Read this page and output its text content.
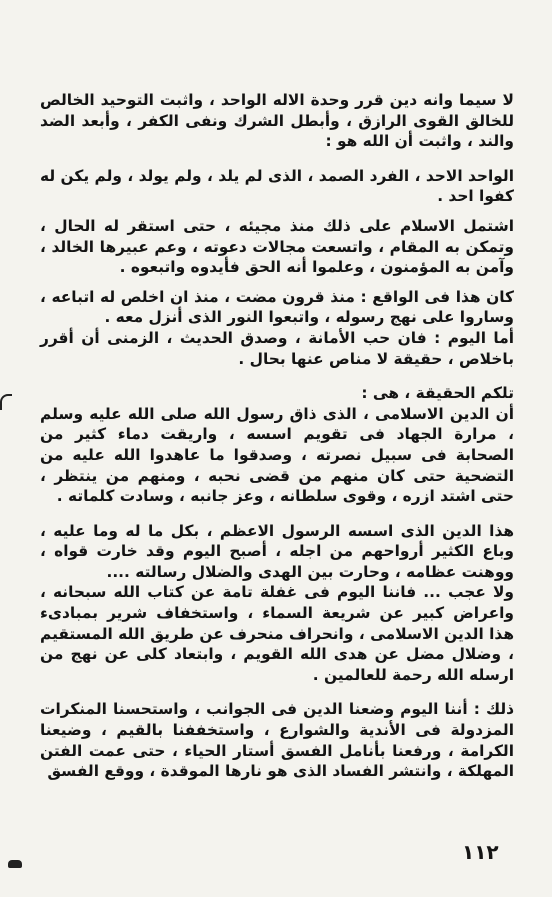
لا سيما وانه دين قرر وحدة الاله الواحد ، واثبت التوحيد الخالص للخالق القوى الرازق ، وأبطل الشرك ونفى الكفر ، وأبعد الضد والند ، واثبت أن الله هو :

الواحد الاحد ، الفرد الصمد ، الذى لم يلد ، ولم يولد ، ولم يكن له كفوا احد .

اشتمل الاسلام على ذلك منذ مجيئه ، حتى استقر له الحال ، وتمكن به المقام ، واتسعت مجالات دعوته ، وعم عبيرها الخالد ، وآمن به المؤمنون ، وعلموا أنه الحق فأيدوه واتبعوه .

كان هذا فى الواقع : منذ قرون مضت ، منذ ان اخلص له اتباعه ، وساروا على نهج رسوله ، واتبعوا النور الذى أنزل معه .

أما اليوم : فان حب الأمانة ، وصدق الحديث ، الزمنى أن أقرر باخلاص ، حقيقة لا مناص عنها بحال .

تلكم الحقيقة ، هى :

أن الدين الاسلامى ، الذى ذاق رسول الله صلى الله عليه وسلم ، مرارة الجهاد فى تقويم اسسه ، واريقت دماء كثير من الصحابة فى سبيل نصرته ، وصدقوا ما عاهدوا الله عليه من التضحية حتى كان منهم من قضى نحبه ، ومنهم من ينتظر ، حتى اشتد ازره ، وقوى سلطانه ، وعز جانبه ، وسادت كلماته .

هذا الدين الذى اسسه الرسول الاعظم ، بكل ما له وما عليه ، وباع الكثير أرواحهم من اجله ، أصبح اليوم وقد خارت قواه ، ووهنت عظامه ، وحارت بين الهدى والضلال رسالته ....

ولا عجب ... فاننا اليوم فى غفلة تامة عن كتاب الله سبحانه ، واعراض كبير عن شريعة السماء ، واستخفاف شرير بمبادىء هذا الدين الاسلامى ، وانحراف منحرف عن طريق الله المستقيم ، وضلال مضل عن هدى الله القويم ، وابتعاد كلى عن نهج من ارسله الله رحمة للعالمين .

ذلك : أننا اليوم وضعنا الدين فى الجوانب ، واستحسنا المنكرات المزدولة فى الأندية والشوارع ، واستخففنا بالقيم ، وضيعنا الكرامة ، ورفعنا بأنامل الفسق أستار الحياء ، حتى عمت الفتن المهلكة ، وانتشر الفساد الذى هو نارها الموقدة ، ووقع الفسق

١١٢
